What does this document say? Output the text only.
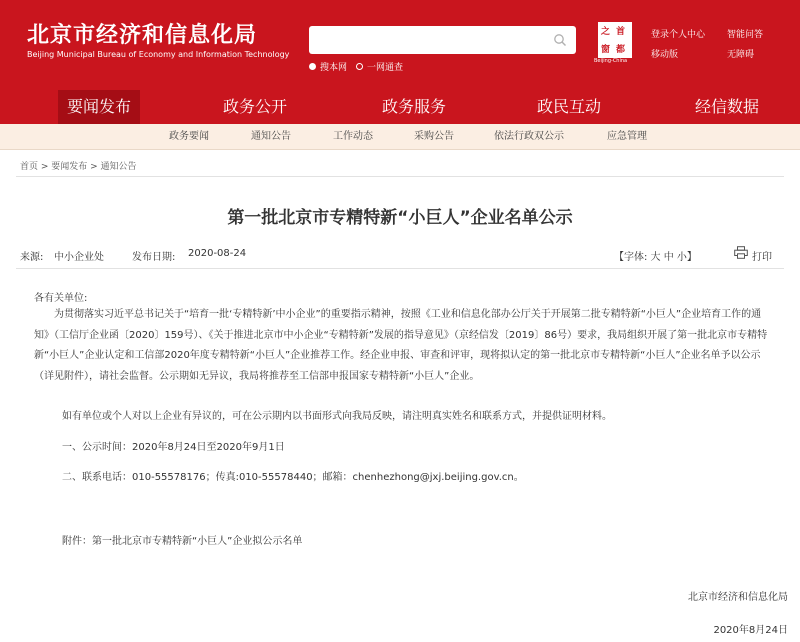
北京市经济和信息化局
Beijing Municipal Bureau of Economy and Information Technology
搜本网 一网通查
之 首
窗 都
Beijing-China
登录个人中心
移动版
智能问答
无障碍
要闻发布	政务公开	政务服务	政民互动	经信数据
政务要闻	通知公告	工作动态	采购公告	依法行政双公示	应急管理
首页 > 要闻发布 > 通知公告
第一批北京市专精特新“小巨人”企业名单公示
来源: 中小企业处	发布日期: 2020-08-24	【字体: 大 中 小】	打印
各有关单位:
为贯彻落实习近平总书记关于“培育一批‘专精特新’中小企业”的重要指示精神，按照《工业和信息化部办公厅关于开展第二批专精特新“小巨人”企业培育工作的通知》（工信厅企业函〔2020〕159号）、《关于推进北京市中小企业“专精特新”发展的指导意见》（京经信发〔2019〕86号）要求，我局组织开展了第一批北京市专精特新“小巨人”企业认定和工信部2020年度专精特新“小巨人”企业推荐工作。经企业申报、审查和评审，现将拟认定的第一批北京市专精特新“小巨人”企业名单予以公示（详见附件），请社会监督。公示期如无异议，我局将推荐至工信部申报国家专精特新“小巨人”企业。
如有单位或个人对以上企业有异议的，可在公示期内以书面形式向我局反映，请注明真实姓名和联系方式，并提供证明材料。
一、公示时间：2020年8月24日至2020年9月1日
二、联系电话：010-55578176；传真:010-55578440；邮箱：chenhezhong@jxj.beijing.gov.cn。
附件：第一批北京市专精特新“小巨人”企业拟公示名单
北京市经济和信息化局
2020年8月24日
